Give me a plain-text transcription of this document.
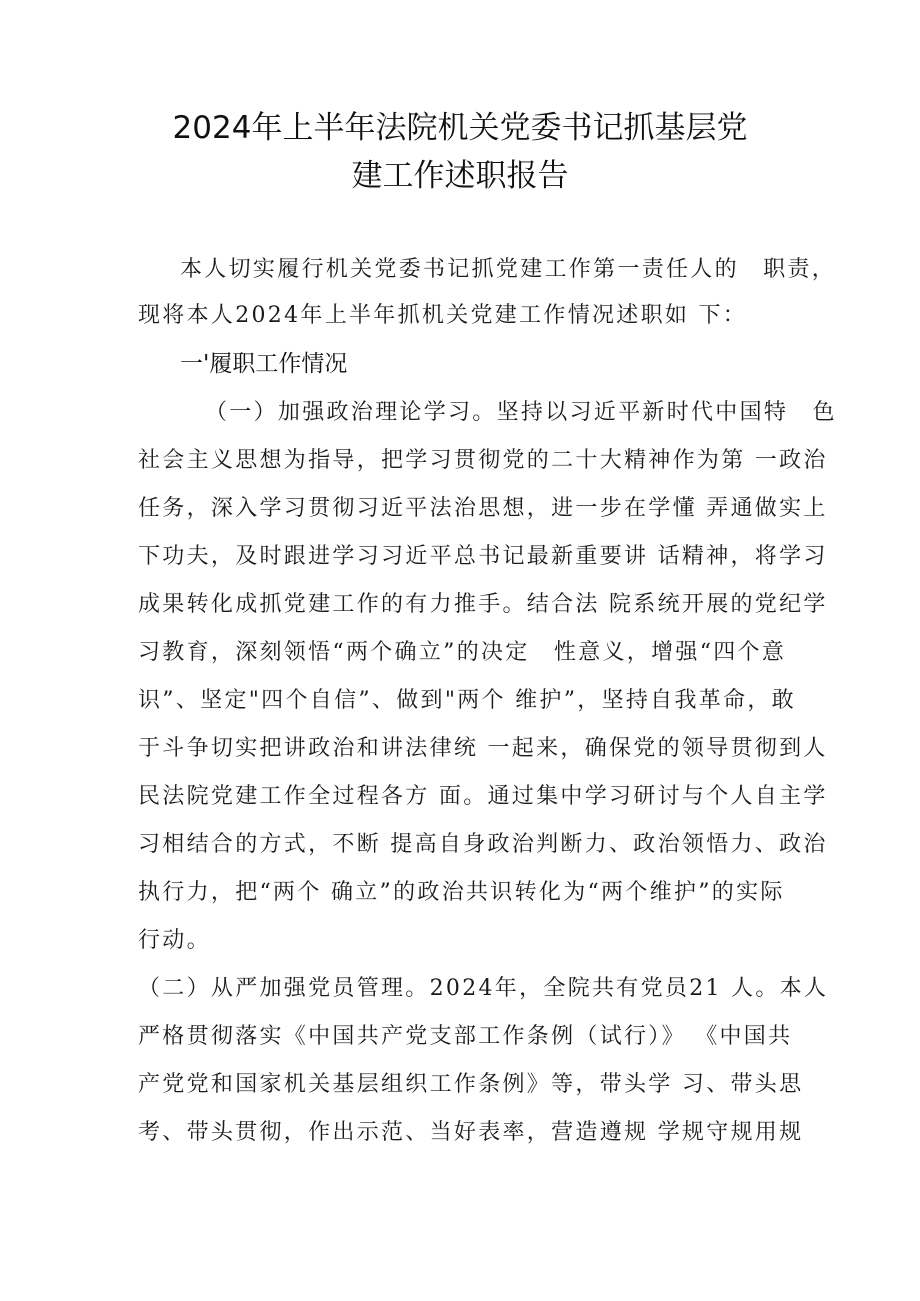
2024年上半年法院机关党委书记抓基层党
建工作述职报告
本人切实履行机关党委书记抓党建工作第一责任人的　职责，
现将本人2024年上半年抓机关党建工作情况述职如 下：
一'履职工作情况
（一）加强政治理论学习。坚持以习近平新时代中国特　色
社会主义思想为指导，把学习贯彻党的二十大精神作为第 一政治
任务，深入学习贯彻习近平法治思想，进一步在学懂 弄通做实上
下功夫，及时跟进学习习近平总书记最新重要讲 话精神，将学习
成果转化成抓党建工作的有力推手。结合法 院系统开展的党纪学
习教育，深刻领悟“两个确立”的决定　性意义，增强“四个意
识”、坚定"四个自信”、做到"两个 维护”，坚持自我革命，敢
于斗争切实把讲政治和讲法律统 一起来，确保党的领导贯彻到人
民法院党建工作全过程各方 面。通过集中学习研讨与个人自主学
习相结合的方式，不断 提高自身政治判断力、政治领悟力、政治
执行力，把“两个 确立”的政治共识转化为“两个维护”的实际
行动。
（二）从严加强党员管理。2024年，全院共有党员21 人。本人
严格贯彻落实《中国共产党支部工作条例（试行）》 《中国共
产党党和国家机关基层组织工作条例》等，带头学 习、带头思
考、带头贯彻，作出示范、当好表率，营造遵规 学规守规用规
